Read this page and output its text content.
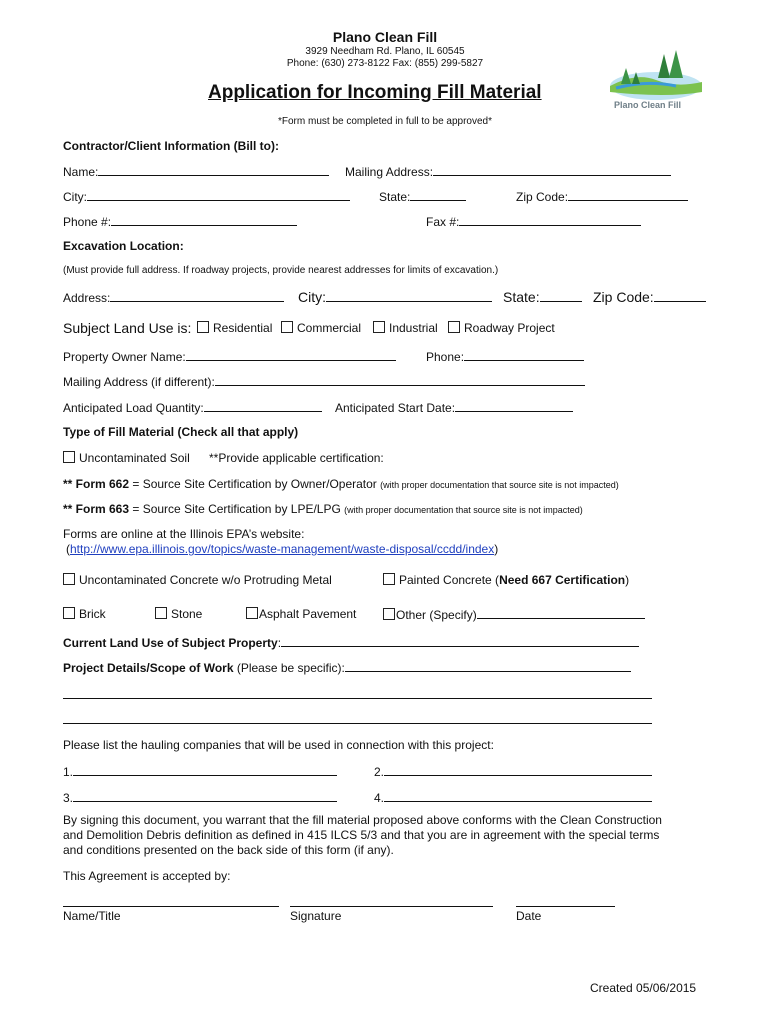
Plano Clean Fill
3929 Needham Rd. Plano, IL 60545
Phone: (630) 273-8122 Fax: (855) 299-5827
Plano Clean Fill
Application for Incoming Fill Material
*Form must be completed in full to be approved*
Contractor/Client Information (Bill to):
Name:	Mailing Address:
City:	State:	Zip Code:
Phone #:	Fax #:
Excavation Location:
(Must provide full address. If roadway projects, provide nearest addresses for limits of excavation.)
Address:	City:	State:	Zip Code:
Subject Land Use is:	Residential	Commercial	Industrial	Roadway Project
Property Owner Name:	Phone:
Mailing Address (if different):
Anticipated Load Quantity:	Anticipated Start Date:
Type of Fill Material (Check all that apply)
Uncontaminated Soil **Provide applicable certification:
** Form 662 = Source Site Certification by Owner/Operator (with proper documentation that source site is not impacted)
** Form 663 = Source Site Certification by LPE/LPG (with proper documentation that source site is not impacted)
Forms are online at the Illinois EPA’s website:
(http://www.epa.illinois.gov/topics/waste-management/waste-disposal/ccdd/index)
Uncontaminated Concrete w/o Protruding Metal	Painted Concrete (Need 667 Certification)
Brick	Stone	Asphalt Pavement	Other (Specify)
Current Land Use of Subject Property:
Project Details/Scope of Work (Please be specific):
Please list the hauling companies that will be used in connection with this project:
1.	2.
3.	4.
By signing this document, you warrant that the fill material proposed above conforms with the Clean Construction
and Demolition Debris definition as defined in 415 ILCS 5/3 and that you are in agreement with the special terms
and conditions presented on the back side of this form (if any).
This Agreement is accepted by:
Name/Title	Signature	Date
Created 05/06/2015
